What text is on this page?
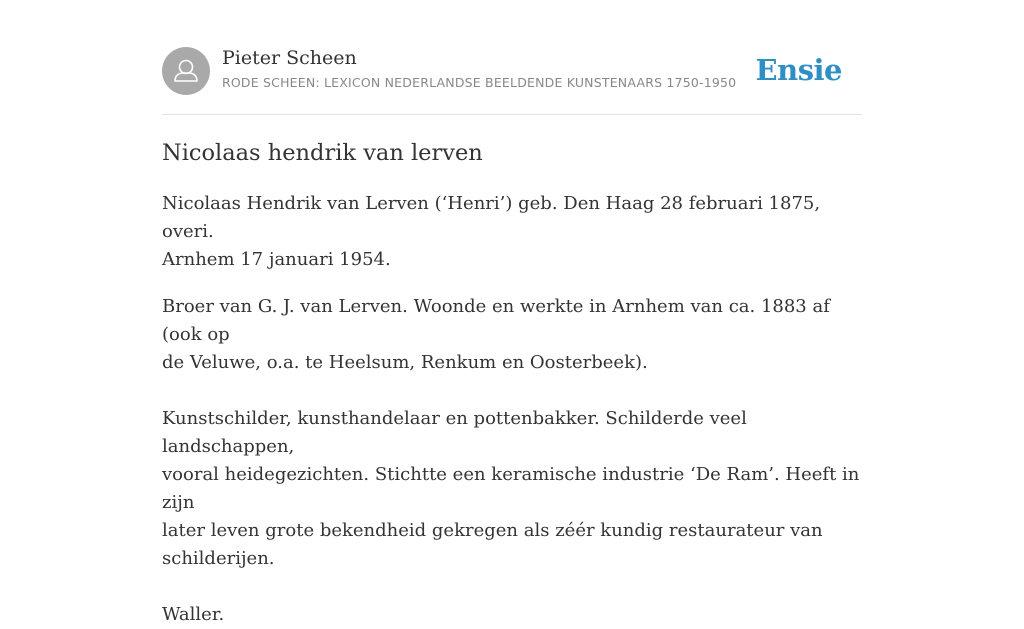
Pieter Scheen
RODE SCHEEN: LEXICON NEDERLANDSE BEELDENDE KUNSTENAARS 1750-1950 Ensie
Nicolaas hendrik van lerven

Nicolaas Hendrik van Lerven (‘Henri’) geb. Den Haag 28 februari 1875, overi.
Arnhem 17 januari 1954.

Broer van G. J. van Lerven. Woonde en werkte in Arnhem van ca. 1883 af (ook op
de Veluwe, o.a. te Heelsum, Renkum en Oosterbeek).

Kunstschilder, kunsthandelaar en pottenbakker. Schilderde veel landschappen,
vooral heidegezichten. Stichtte een keramische industrie ‘De Ram’. Heeft in zijn
later leven grote bekendheid gekregen als zéér kundig restaurateur van
schilderijen.

Waller.
